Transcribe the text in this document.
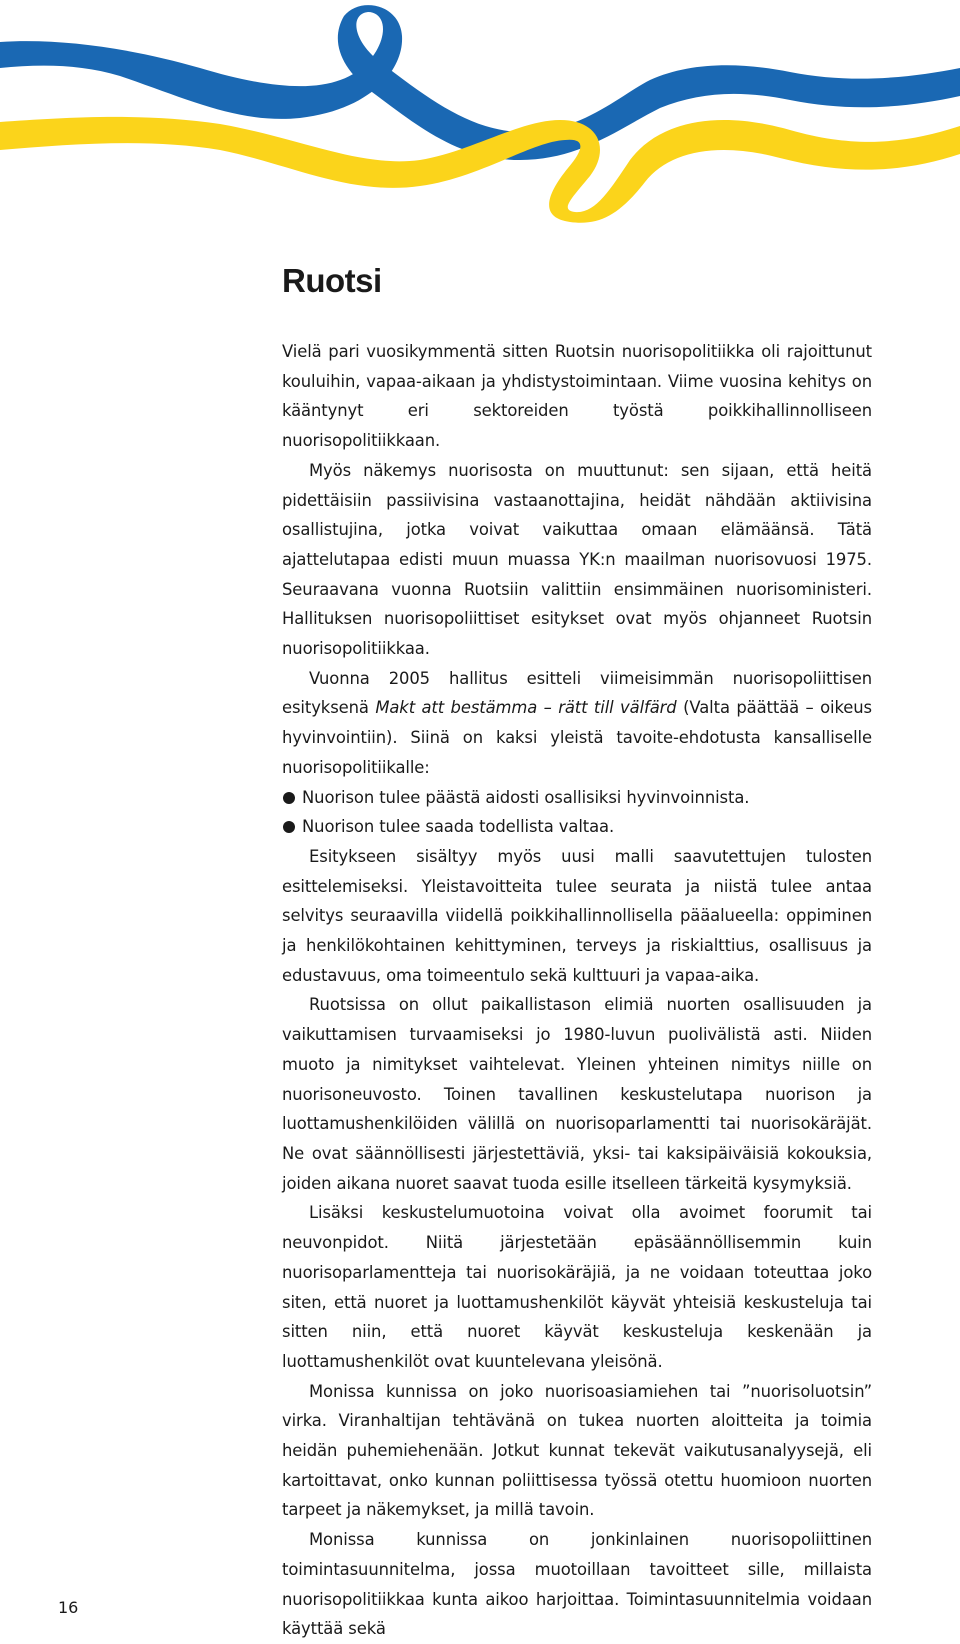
Ruotsi

Vielä pari vuosikymmentä sitten Ruotsin nuorisopolitiikka oli rajoittunut kouluihin, vapaa-aikaan ja yhdistystoimintaan. Viime vuosina kehitys on kääntynyt eri sektoreiden työstä poikkihallinnolliseen nuorisopolitiikkaan.

Myös näkemys nuorisosta on muuttunut: sen sijaan, että heitä pidettäisiin passiivisina vastaanottajina, heidät nähdään aktiivisina osallistujina, jotka voivat vaikuttaa omaan elämäänsä. Tätä ajattelutapaa edisti muun muassa YK:n maailman nuorisovuosi 1975. Seuraavana vuonna Ruotsiin valittiin ensimmäinen nuorisoministeri. Hallituksen nuorisopoliittiset esitykset ovat myös ohjanneet Ruotsin nuorisopolitiikkaa.

Vuonna 2005 hallitus esitteli viimeisimmän nuorisopoliittisen esityksenä Makt att bestämma – rätt till välfärd (Valta päättää – oikeus hyvinvointiin). Siinä on kaksi yleistä tavoite-ehdotusta kansalliselle nuorisopolitiikalle:

Nuorison tulee päästä aidosti osallisiksi hyvinvoinnista.
Nuorison tulee saada todellista valtaa.

Esitykseen sisältyy myös uusi malli saavutettujen tulosten esittelemiseksi. Yleistavoitteita tulee seurata ja niistä tulee antaa selvitys seuraavilla viidellä poikkihallinnollisella pääalueella: oppiminen ja henkilökohtainen kehittyminen, terveys ja riskialttius, osallisuus ja edustavuus, oma toimeentulo sekä kulttuuri ja vapaa-aika.

Ruotsissa on ollut paikallistason elimiä nuorten osallisuuden ja vaikuttamisen turvaamiseksi jo 1980-luvun puolivälistä asti. Niiden muoto ja nimitykset vaihtelevat. Yleinen yhteinen nimitys niille on nuorisoneuvosto. Toinen tavallinen keskustelutapa nuorison ja luottamushenkilöiden välillä on nuorisoparlamentti tai nuorisokäräjät. Ne ovat säännöllisesti järjestettäviä, yksi- tai kaksipäiväisiä kokouksia, joiden aikana nuoret saavat tuoda esille itselleen tärkeitä kysymyksiä.

Lisäksi keskustelumuotoina voivat olla avoimet foorumit tai neuvonpidot. Niitä järjestetään epäsäännöllisemmin kuin nuorisoparlamentteja tai nuorisokäräjiä, ja ne voidaan toteuttaa joko siten, että nuoret ja luottamushenkilöt käyvät yhteisiä keskusteluja tai sitten niin, että nuoret käyvät keskusteluja keskenään ja luottamushenkilöt ovat kuuntelevana yleisönä.

Monissa kunnissa on joko nuorisoasiamiehen tai ”nuorisoluotsin” virka. Viranhaltijan tehtävänä on tukea nuorten aloitteita ja toimia heidän puhemiehenään. Jotkut kunnat tekevät vaikutusanalyysejä, eli kartoittavat, onko kunnan poliittisessa työssä otettu huomioon nuorten tarpeet ja näkemykset, ja millä tavoin.

Monissa kunnissa on jonkinlainen nuorisopoliittinen toimintasuunnitelma, jossa muotoillaan tavoitteet sille, millaista nuorisopolitiikkaa kunta aikoo harjoittaa. Toimintasuunnitelmia voidaan käyttää sekä

16
